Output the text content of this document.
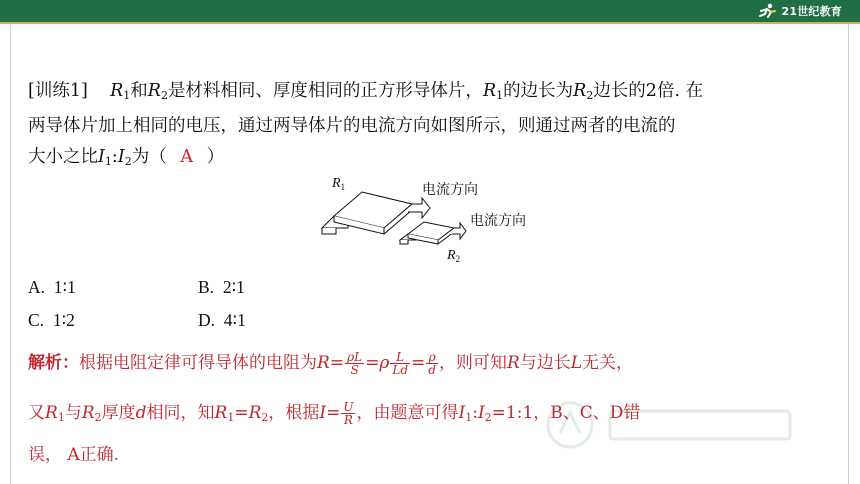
21世纪教育
[训练1] $R_1$和$R_2$是材料相同、厚度相同的正方形导体片，$R_1$的边长为$R_2$边长的2倍. 在
两导体片加上相同的电压，通过两导体片的电流方向如图所示，则通过两者的电流的
大小之比$I_1:I_2$为（ A ）
$R_1$
$R_2$
电流方向
电流方向
A. 1∶1	B. 2∶1
C. 1∶2	D. 4∶1
解析：根据电阻定律可得导体的电阻为$R= \frac{\rho L}{S} =\rho \frac{L}{Ld} = \frac{\rho}{d}$ ，则可知R与边长L无关，
又$R_1$与$R_2$厚度d相同，知$R_1=R_2$，根据$I= \frac{U}{R}$ ，由题意可得$I_1:I_2=1:1$，B、C、D错
误， A正确.
